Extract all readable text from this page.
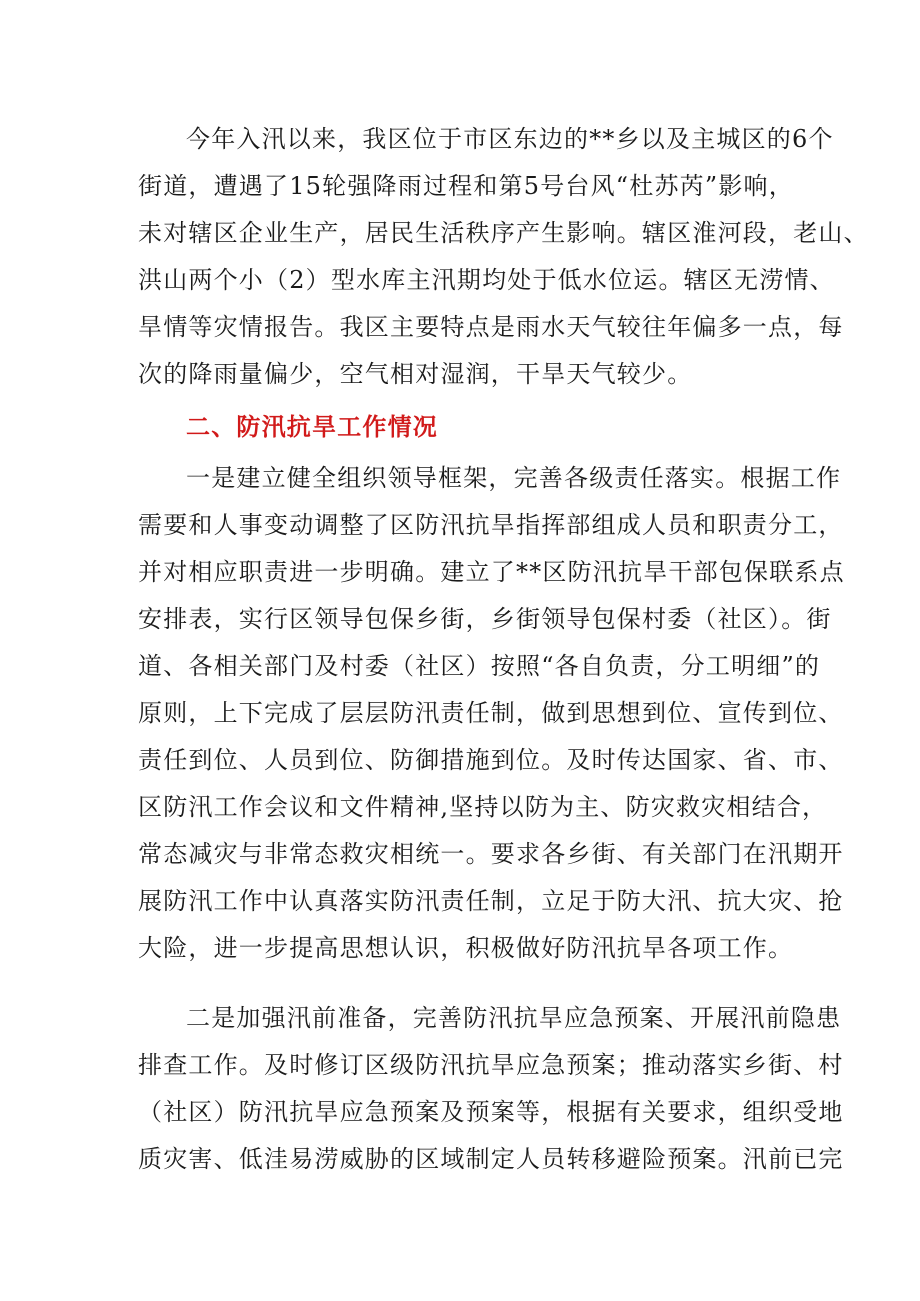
今年入汛以来，我区位于市区东边的**乡以及主城区的6个
街道，遭遇了15轮强降雨过程和第5号台风“杜苏芮”影响，
未对辖区企业生产，居民生活秩序产生影响。辖区淮河段，老山、
洪山两个小（2）型水库主汛期均处于低水位运。辖区无涝情、
旱情等灾情报告。我区主要特点是雨水天气较往年偏多一点，每
次的降雨量偏少，空气相对湿润，干旱天气较少。
二、防汛抗旱工作情况
一是建立健全组织领导框架，完善各级责任落实。根据工作
需要和人事变动调整了区防汛抗旱指挥部组成人员和职责分工，
并对相应职责进一步明确。建立了**区防汛抗旱干部包保联系点
安排表，实行区领导包保乡街，乡街领导包保村委（社区）。街
道、各相关部门及村委（社区）按照“各自负责，分工明细”的
原则，上下完成了层层防汛责任制，做到思想到位、宣传到位、
责任到位、人员到位、防御措施到位。及时传达国家、省、市、
区防汛工作会议和文件精神,坚持以防为主、防灾救灾相结合，
常态减灾与非常态救灾相统一。要求各乡街、有关部门在汛期开
展防汛工作中认真落实防汛责任制，立足于防大汛、抗大灾、抢
大险，进一步提高思想认识，积极做好防汛抗旱各项工作。
二是加强汛前准备，完善防汛抗旱应急预案、开展汛前隐患
排查工作。及时修订区级防汛抗旱应急预案；推动落实乡街、村
（社区）防汛抗旱应急预案及预案等，根据有关要求，组织受地
质灾害、低洼易涝威胁的区域制定人员转移避险预案。汛前已完
